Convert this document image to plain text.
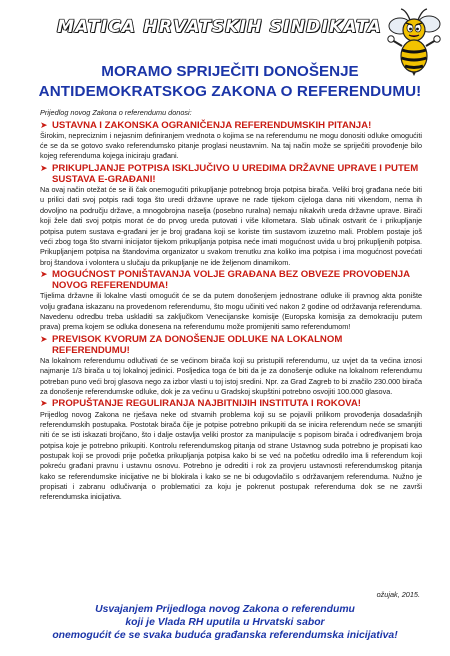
MATICA HRVATSKIH SINDIKATA
MORAMO SPRIJEČITI DONOŠENJE
ANTIDEMOKRATSKOG ZAKONA O REFERENDUMU!

Prijedlog novog Zakona o referendumu donosi:

➤ USTAVNA I ZAKONSKA OGRANIČENJA REFERENDUMSKIH PITANJA!

Širokim, nepreciznim i nejasnim definiranjem vrednota o kojima se na referendumu ne mogu donositi odluke omogućiti će se da se gotovo svako referendumsko pitanje proglasi neustavnim. Na taj način može se spriječiti provođenje bilo kojeg referenduma kojega iniciraju građani.

➤ PRIKUPLJANJE POTPISA ISKLJUČIVO U UREDIMA DRŽAVNE UPRAVE I PUTEM SUSTAVA E-GRAĐANI!

Na ovaj način otežat će se ili čak onemogućiti prikupljanje potrebnog broja potpisa birača. Veliki broj građana neće biti u prilici dati svoj potpis radi toga što uredi državne uprave ne rade tijekom cijeloga dana niti vikendom, nema ih dovoljno na području države, a mnogobrojna naselja (posebno ruralna) nemaju nikakvih ureda državne uprave. Birači koji žele dati svoj potpis morat će do prvog ureda putovati i više kilometara. Slab učinak ostvarit će i prikupljanje potpisa putem sustava e-građani jer je broj građana koji se koriste tim sustavom izuzetno mali. Problem postaje još veći zbog toga što stvarni inicijator tijekom prikupljanja potpisa neće imati mogućnost uvida u broj prikupljenih potpisa. Prikupljanjem potpisa na štandovima organizator u svakom trenutku zna koliko ima potpisa i ima mogućnost povećati broj štandova i volontera u slučaju da prikupljanje ne ide željenom dinamikom.

➤ MOGUĆNOST PONIŠTAVANJA VOLJE GRAĐANA BEZ OBVEZE PROVOĐENJA NOVOG REFERENDUMA!

Tijelima državne ili lokalne vlasti omogućit će se da putem donošenjem jednostrane odluke ili pravnog akta ponište volju građana iskazanu na provedenom referendumu, što mogu učiniti već nakon 2 godine od održavanja referenduma. Navedenu odredbu treba uskladiti sa zaključkom Venecijanske komisije (Europska komisija za demokraciju putem prava) prema kojem se odluka donesena na referendumu može promijeniti samo referendumom!

➤ PREVISOK KVORUM ZA DONOŠENJE ODLUKE NA LOKALNOM REFERENDUMU!

Na lokalnom referendumu odlučivati će se većinom birača koji su pristupili referendumu, uz uvjet da ta većina iznosi najmanje 1/3 birača u toj lokalnoj jedinici. Posljedica toga će biti da je za donošenje odluke na lokalnom referendumu potreban puno veći broj glasova nego za izbor vlasti u toj istoj sredini. Npr. za Grad Zagreb to bi značilo 230.000 birača za donošenje referendumske odluke, dok je za većinu u Gradskoj skupštini potrebno osvojiti 100.000 glasova.

➤ PROPUŠTANJE REGULIRANJA NAJBITNIJIH INSTITUTA I ROKOVA!

Prijedlog novog Zakona ne rješava neke od stvarnih problema koji su se pojavili prilikom provođenja dosadašnjih referendumskih postupaka. Postotak birača čije je potpise potrebno prikupiti da se inicira referendum neće se smanjiti niti će se isti iskazati brojčano, što i dalje ostavlja veliki prostor za manipulacije s popisom birača i određivanjem broja potpisa koje je potrebno prikupiti. Kontrolu referendumskog pitanja od strane Ustavnog suda potrebno je propisati kao postupak koji se provodi prije početka prikupljanja potpisa kako bi se već na početku odredilo ima li referendum koji pokreću građani pravnu i ustavnu osnovu. Potrebno je odrediti i rok za provjeru ustavnosti referendumskog pitanja kako se referendumske inicijative ne bi blokirala i kako se ne bi odugovlačilo s održavanjem referenduma. Nužno je propisati i zabranu odlučivanja o problematici za koju je pokrenut postupak referenduma dok se ne završi referendumska inicijativa.

ožujak, 2015.
Usvajanjem Prijedloga novog Zakona o referendumu
koji je Vlada RH uputila u Hrvatski sabor
onemogućit će se svaka buduća građanska referendumska inicijativa!
